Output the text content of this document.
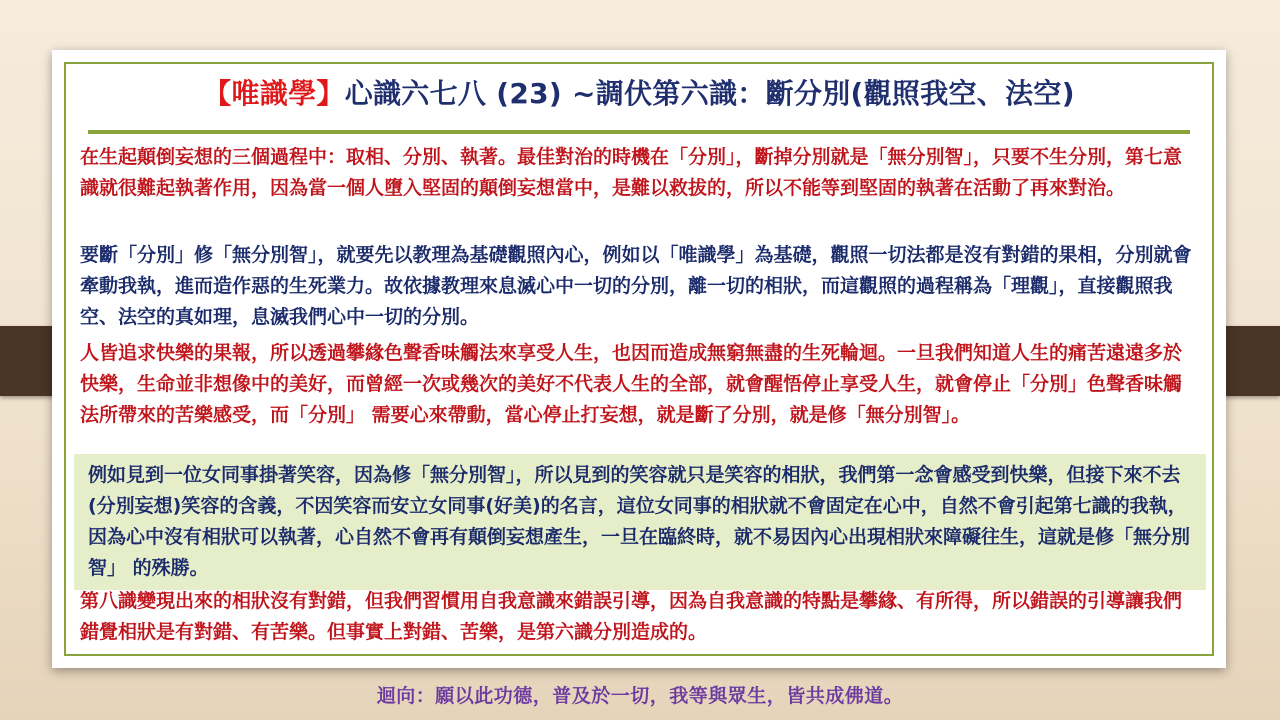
【唯識學】心識六七八 (23) ~調伏第六識：斷分別(觀照我空、法空)

在生起顛倒妄想的三個過程中：取相、分別、執著。最佳對治的時機在「分別」，斷掉分別就是「無分別智」，只要不生分別，第七意識就很難起執著作用，因為當一個人墮入堅固的顛倒妄想當中，是難以救拔的，所以不能等到堅固的執著在活動了再來對治。

要斷「分別」修「無分別智」，就要先以教理為基礎觀照內心，例如以「唯識學」為基礎，觀照一切法都是沒有對錯的果相，分別就會牽動我執，進而造作惡的生死業力。故依據教理來息滅心中一切的分別，離一切的相狀，而這觀照的過程稱為「理觀」，直接觀照我空、法空的真如理，息滅我們心中一切的分別。

人皆追求快樂的果報，所以透過攀緣色聲香味觸法來享受人生，也因而造成無窮無盡的生死輪迴。一旦我們知道人生的痛苦遠遠多於快樂，生命並非想像中的美好，而曾經一次或幾次的美好不代表人生的全部，就會醒悟停止享受人生，就會停止「分別」色聲香味觸法所帶來的苦樂感受，而「分別」 需要心來帶動，當心停止打妄想，就是斷了分別，就是修「無分別智」。

例如見到一位女同事掛著笑容，因為修「無分別智」，所以見到的笑容就只是笑容的相狀，我們第一念會感受到快樂，但接下來不去(分別妄想)笑容的含義，不因笑容而安立女同事(好美)的名言，這位女同事的相狀就不會固定在心中，自然不會引起第七識的我執，因為心中沒有相狀可以執著，心自然不會再有顛倒妄想產生，一旦在臨終時，就不易因內心出現相狀來障礙往生，這就是修「無分別智」 的殊勝。

第八識變現出來的相狀沒有對錯，但我們習慣用自我意識來錯誤引導，因為自我意識的特點是攀緣、有所得，所以錯誤的引導讓我們錯覺相狀是有對錯、有苦樂。但事實上對錯、苦樂，是第六識分別造成的。

迴向：願以此功德，普及於一切，我等與眾生，皆共成佛道。
